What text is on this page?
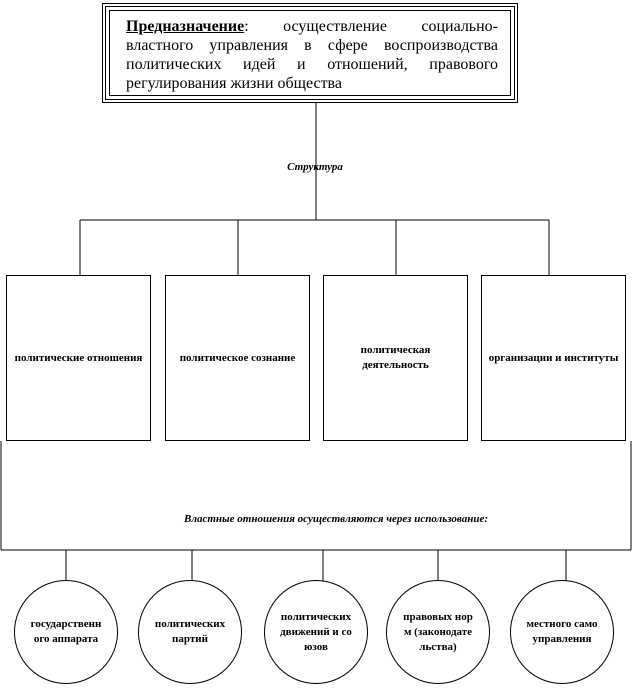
Предназначение: осуществление социально-властного управления в сфере воспроизводства политических идей и отношений, правового регулирования жизни общества
Структура
политические отношения	политическое сознание
политическая деятельность
организации и институты
Властные отношения осуществляются через использование:
государственного аппарата
политических партий
политических движений и союзов
правовых норм (законодательства)
местного самоуправления
